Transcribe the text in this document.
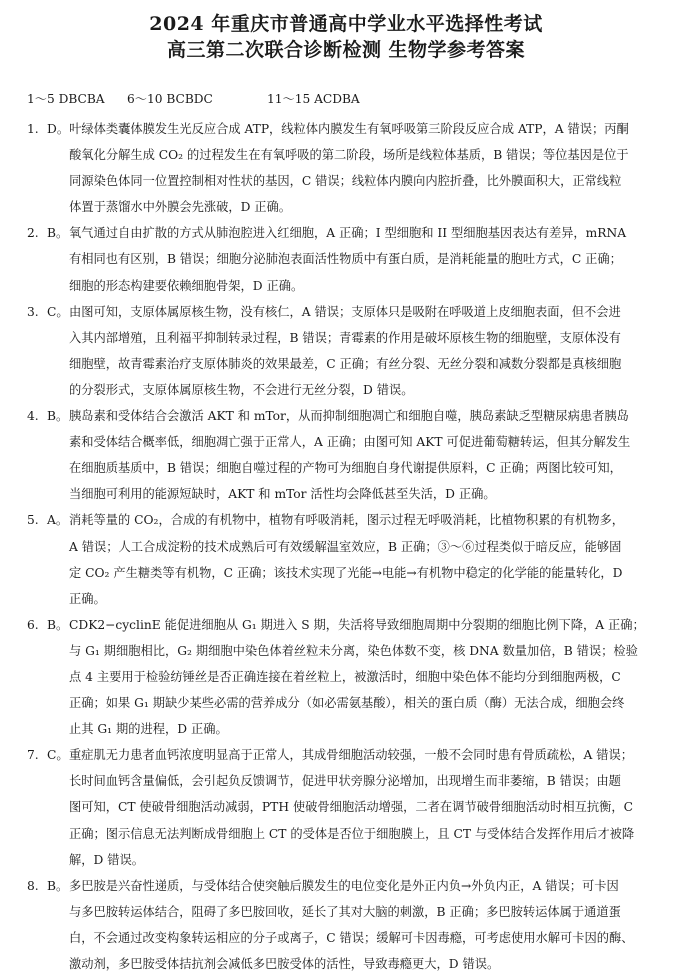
2024 年重庆市普通高中学业水平选择性考试
高三第二次联合诊断检测 生物学参考答案
1～5 DBCBA 6～10 BCBDC	11～15 ACDBA
1. D。 叶绿体类囊体膜发生光反应合成 ATP，线粒体内膜发生有氧呼吸第三阶段反应合成 ATP，A 错误；丙酮
酸氧化分解生成 CO₂ 的过程发生在有氧呼吸的第二阶段，场所是线粒体基质，B 错误；等位基因是位于
同源染色体同一位置控制相对性状的基因，C 错误；线粒体内膜向内腔折叠，比外膜面积大，正常线粒
体置于蒸馏水中外膜会先涨破，D 正确。
2. B。 氧气通过自由扩散的方式从肺泡腔进入红细胞，A 正确；I 型细胞和 II 型细胞基因表达有差异，mRNA
有相同也有区别，B 错误；细胞分泌肺泡表面活性物质中有蛋白质，是消耗能量的胞吐方式，C 正确；
细胞的形态构建要依赖细胞骨架，D 正确。
3. C。 由图可知，支原体属原核生物，没有核仁，A 错误；支原体只是吸附在呼吸道上皮细胞表面，但不会进
入其内部增殖，且利福平抑制转录过程，B 错误；青霉素的作用是破坏原核生物的细胞壁，支原体没有
细胞壁，故青霉素治疗支原体肺炎的效果最差，C 正确；有丝分裂、无丝分裂和减数分裂都是真核细胞
的分裂形式，支原体属原核生物，不会进行无丝分裂，D 错误。
4. B。 胰岛素和受体结合会激活 AKT 和 mTor，从而抑制细胞凋亡和细胞自噬，胰岛素缺乏型糖尿病患者胰岛
素和受体结合概率低，细胞凋亡强于正常人，A 正确；由图可知 AKT 可促进葡萄糖转运，但其分解发生
在细胞质基质中，B 错误；细胞自噬过程的产物可为细胞自身代谢提供原料，C 正确；两图比较可知，
当细胞可利用的能源短缺时，AKT 和 mTor 活性均会降低甚至失活，D 正确。
5. A。 消耗等量的 CO₂，合成的有机物中，植物有呼吸消耗，图示过程无呼吸消耗，比植物积累的有机物多，
A 错误；人工合成淀粉的技术成熟后可有效缓解温室效应，B 正确；③～⑥过程类似于暗反应，能够固
定 CO₂ 产生糖类等有机物，C 正确；该技术实现了光能→电能→有机物中稳定的化学能的能量转化，D
正确。
6. B。 CDK2−cyclinE 能促进细胞从 G₁ 期进入 S 期，失活将导致细胞周期中分裂期的细胞比例下降，A 正确；
与 G₁ 期细胞相比，G₂ 期细胞中染色体着丝粒未分离，染色体数不变，核 DNA 数量加倍，B 错误；检验
点 4 主要用于检验纺锤丝是否正确连接在着丝粒上，被激活时，细胞中染色体不能均分到细胞两极，C
正确；如果 G₁ 期缺少某些必需的营养成分（如必需氨基酸），相关的蛋白质（酶）无法合成，细胞会终
止其 G₁ 期的进程，D 正确。
7. C。 重症肌无力患者血钙浓度明显高于正常人，其成骨细胞活动较强，一般不会同时患有骨质疏松，A 错误；
长时间血钙含量偏低，会引起负反馈调节，促进甲状旁腺分泌增加，出现增生而非萎缩，B 错误；由题
图可知，CT 使破骨细胞活动减弱，PTH 使破骨细胞活动增强，二者在调节破骨细胞活动时相互抗衡，C
正确；图示信息无法判断成骨细胞上 CT 的受体是否位于细胞膜上，且 CT 与受体结合发挥作用后才被降
解，D 错误。
8. B。 多巴胺是兴奋性递质，与受体结合使突触后膜发生的电位变化是外正内负→外负内正，A 错误；可卡因
与多巴胺转运体结合，阻碍了多巴胺回收，延长了其对大脑的刺激，B 正确；多巴胺转运体属于通道蛋
白，不会通过改变构象转运相应的分子或离子，C 错误；缓解可卡因毒瘾，可考虑使用水解可卡因的酶、
激动剂，多巴胺受体拮抗剂会减低多巴胺受体的活性，导致毒瘾更大，D 错误。
